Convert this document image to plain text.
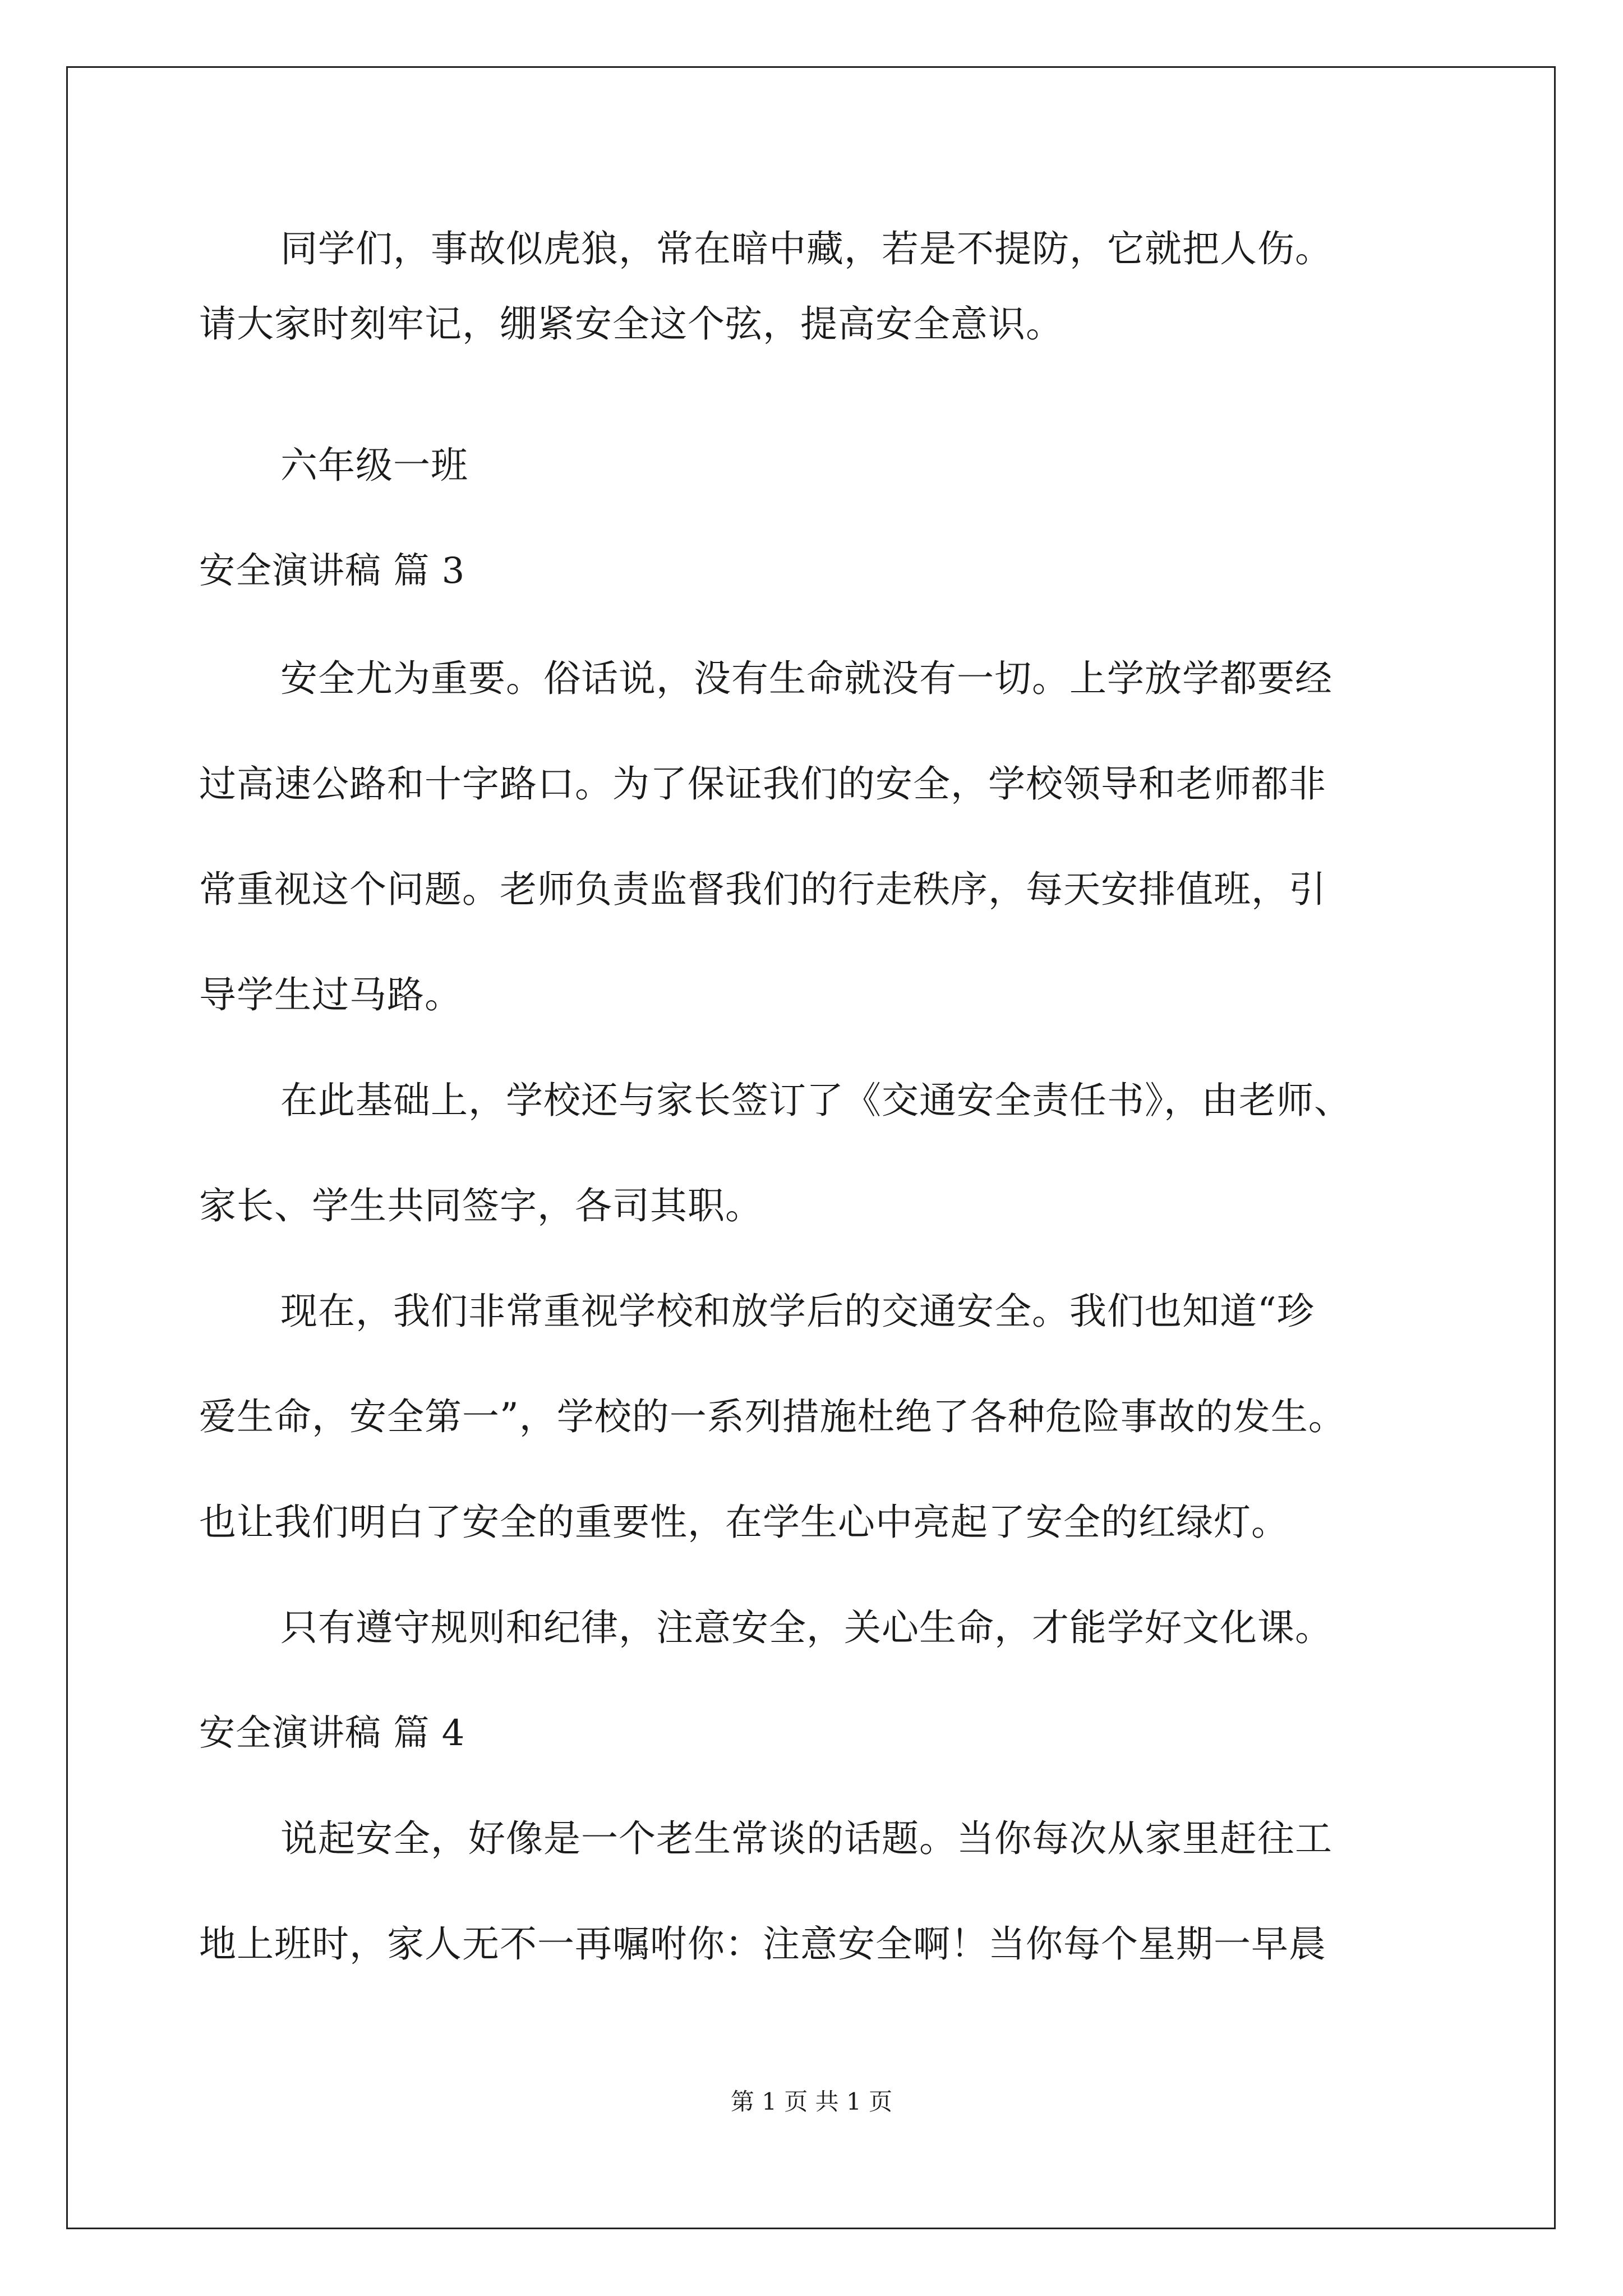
同学们，事故似虎狼，常在暗中藏，若是不提防，它就把人伤。
请大家时刻牢记，绷紧安全这个弦，提高安全意识。
六年级一班
安全演讲稿 篇 3
安全尤为重要。俗话说，没有生命就没有一切。上学放学都要经
过高速公路和十字路口。为了保证我们的安全，学校领导和老师都非
常重视这个问题。老师负责监督我们的行走秩序，每天安排值班，引
导学生过马路。
在此基础上，学校还与家长签订了《交通安全责任书》，由老师、
家长、学生共同签字，各司其职。
现在，我们非常重视学校和放学后的交通安全。我们也知道“珍
爱生命，安全第一”，学校的一系列措施杜绝了各种危险事故的发生。
也让我们明白了安全的重要性，在学生心中亮起了安全的红绿灯。
只有遵守规则和纪律，注意安全，关心生命，才能学好文化课。
安全演讲稿 篇 4
说起安全，好像是一个老生常谈的话题。当你每次从家里赶往工
地上班时，家人无不一再嘱咐你：注意安全啊！当你每个星期一早晨
第 1 页 共 1 页
